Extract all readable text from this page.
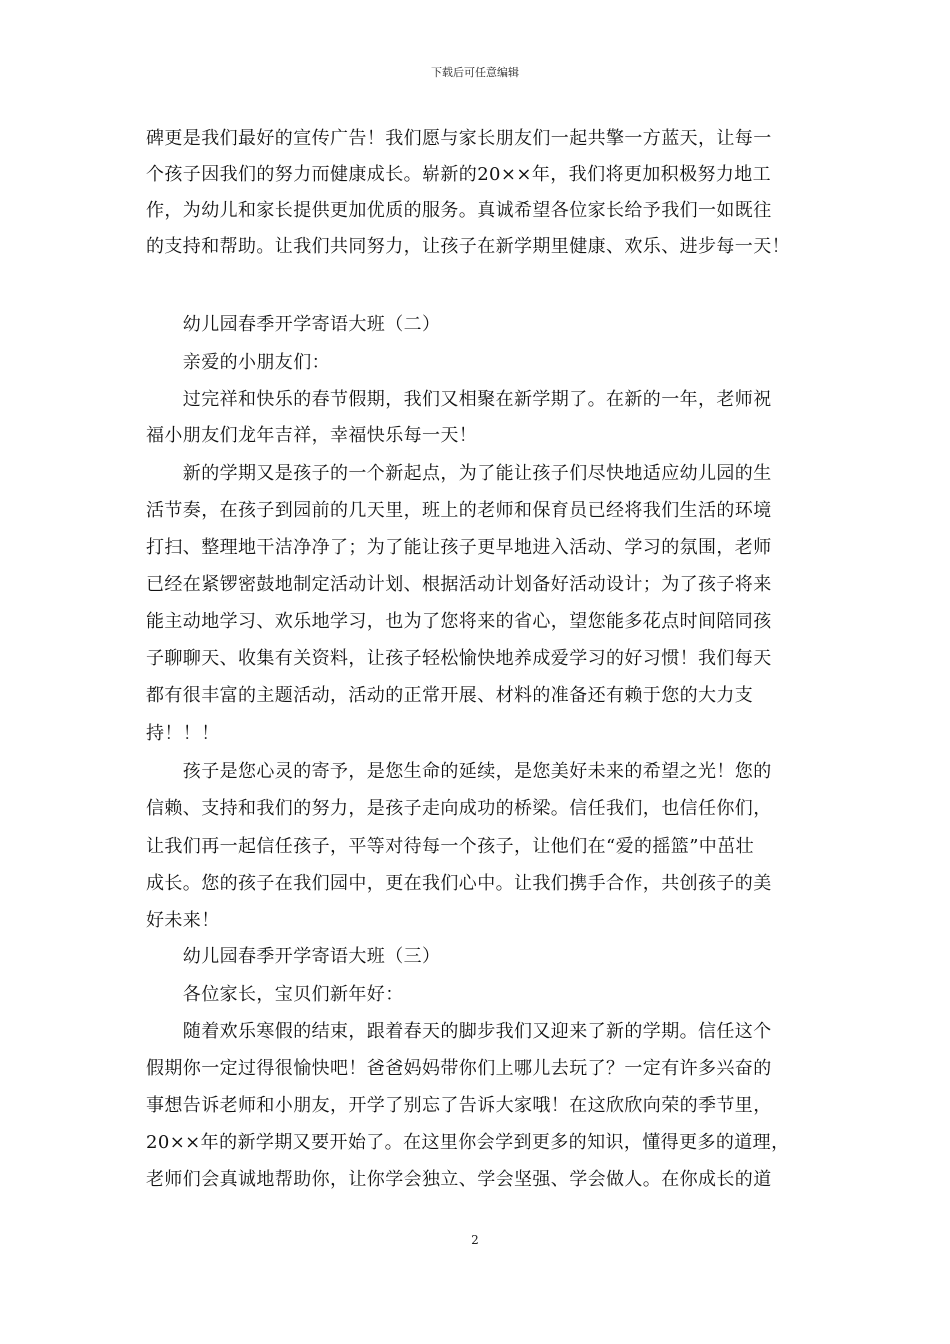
下载后可任意编辑
碑更是我们最好的宣传广告！我们愿与家长朋友们一起共擎一方蓝天，让每一
个孩子因我们的努力而健康成长。崭新的20××年，我们将更加积极努力地工
作，为幼儿和家长提供更加优质的服务。真诚希望各位家长给予我们一如既往
的支持和帮助。让我们共同努力，让孩子在新学期里健康、欢乐、进步每一天！
　　幼儿园春季开学寄语大班（二）
　　亲爱的小朋友们：
　　过完祥和快乐的春节假期，我们又相聚在新学期了。在新的一年，老师祝
福小朋友们龙年吉祥，幸福快乐每一天！
　　新的学期又是孩子的一个新起点，为了能让孩子们尽快地适应幼儿园的生
活节奏，在孩子到园前的几天里，班上的老师和保育员已经将我们生活的环境
打扫、整理地干洁净净了；为了能让孩子更早地进入活动、学习的氛围，老师
已经在紧锣密鼓地制定活动计划、根据活动计划备好活动设计；为了孩子将来
能主动地学习、欢乐地学习，也为了您将来的省心，望您能多花点时间陪同孩
子聊聊天、收集有关资料，让孩子轻松愉快地养成爱学习的好习惯！我们每天
都有很丰富的主题活动，活动的正常开展、材料的准备还有赖于您的大力支
持！！！
　　孩子是您心灵的寄予，是您生命的延续，是您美好未来的希望之光！您的
信赖、支持和我们的努力，是孩子走向成功的桥梁。信任我们，也信任你们，
让我们再一起信任孩子，平等对待每一个孩子，让他们在“爱的摇篮”中茁壮
成长。您的孩子在我们园中，更在我们心中。让我们携手合作，共创孩子的美
好未来！
　　幼儿园春季开学寄语大班（三）
　　各位家长，宝贝们新年好：
　　随着欢乐寒假的结束，跟着春天的脚步我们又迎来了新的学期。信任这个
假期你一定过得很愉快吧！爸爸妈妈带你们上哪儿去玩了？一定有许多兴奋的
事想告诉老师和小朋友，开学了别忘了告诉大家哦！在这欣欣向荣的季节里，
20××年的新学期又要开始了。在这里你会学到更多的知识，懂得更多的道理，
老师们会真诚地帮助你，让你学会独立、学会坚强、学会做人。在你成长的道
2
